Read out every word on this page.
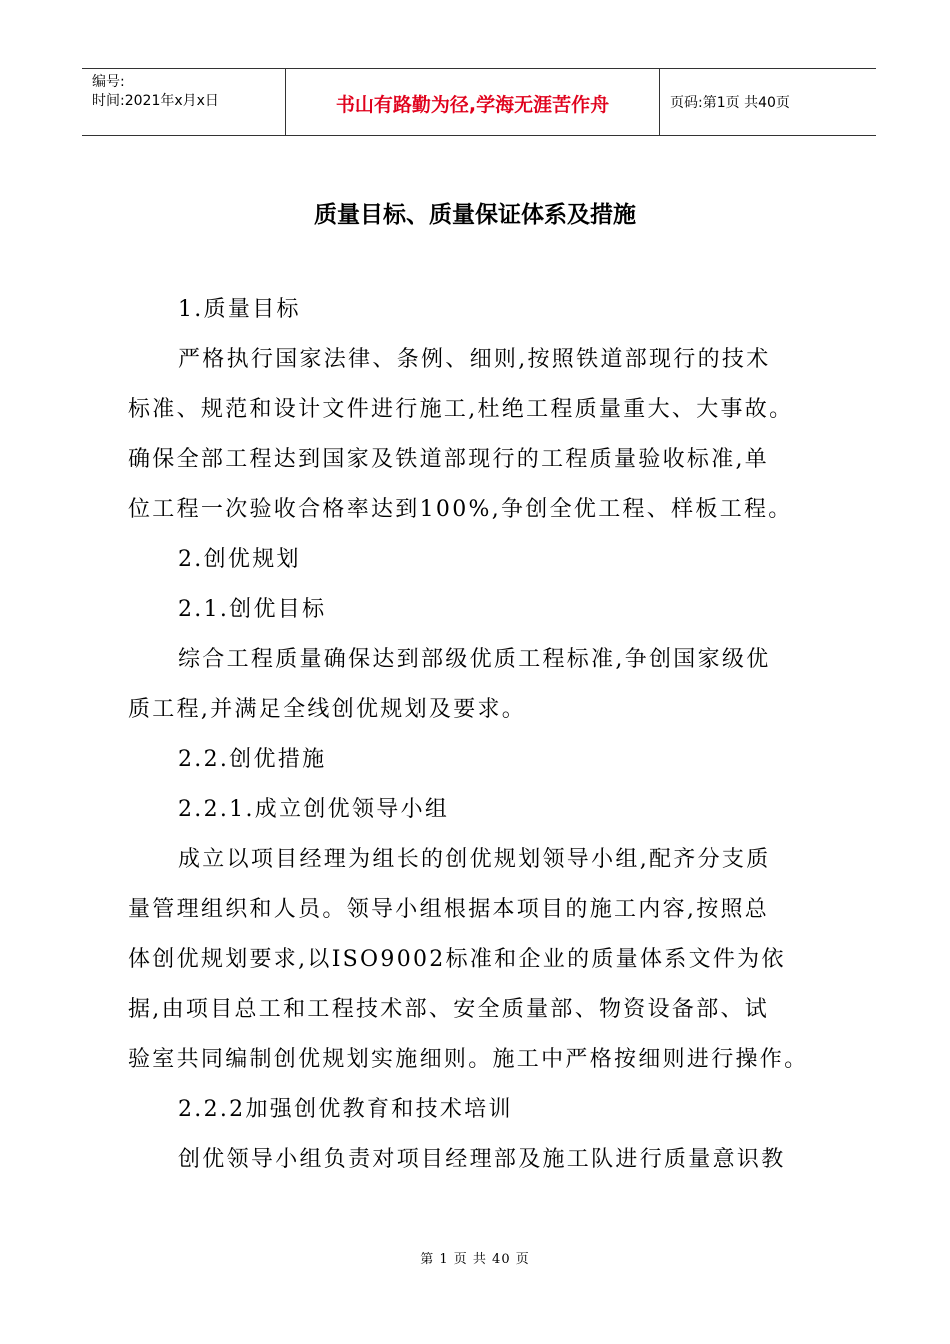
编号:
时间:2021年x月x日	书山有路勤为径,学海无涯苦作舟	页码:第1页 共40页
质量目标、质量保证体系及措施
1.质量目标
严格执行国家法律、条例、细则,按照铁道部现行的技术
标准、规范和设计文件进行施工,杜绝工程质量重大、大事故。
确保全部工程达到国家及铁道部现行的工程质量验收标准,单
位工程一次验收合格率达到100%,争创全优工程、样板工程。
2.创优规划
2.1.创优目标
综合工程质量确保达到部级优质工程标准,争创国家级优
质工程,并满足全线创优规划及要求。
2.2.创优措施
2.2.1.成立创优领导小组
成立以项目经理为组长的创优规划领导小组,配齐分支质
量管理组织和人员。领导小组根据本项目的施工内容,按照总
体创优规划要求,以ISO9002标准和企业的质量体系文件为依
据,由项目总工和工程技术部、安全质量部、物资设备部、试
验室共同编制创优规划实施细则。施工中严格按细则进行操作。
2.2.2加强创优教育和技术培训
创优领导小组负责对项目经理部及施工队进行质量意识教
第 1 页 共 40 页
